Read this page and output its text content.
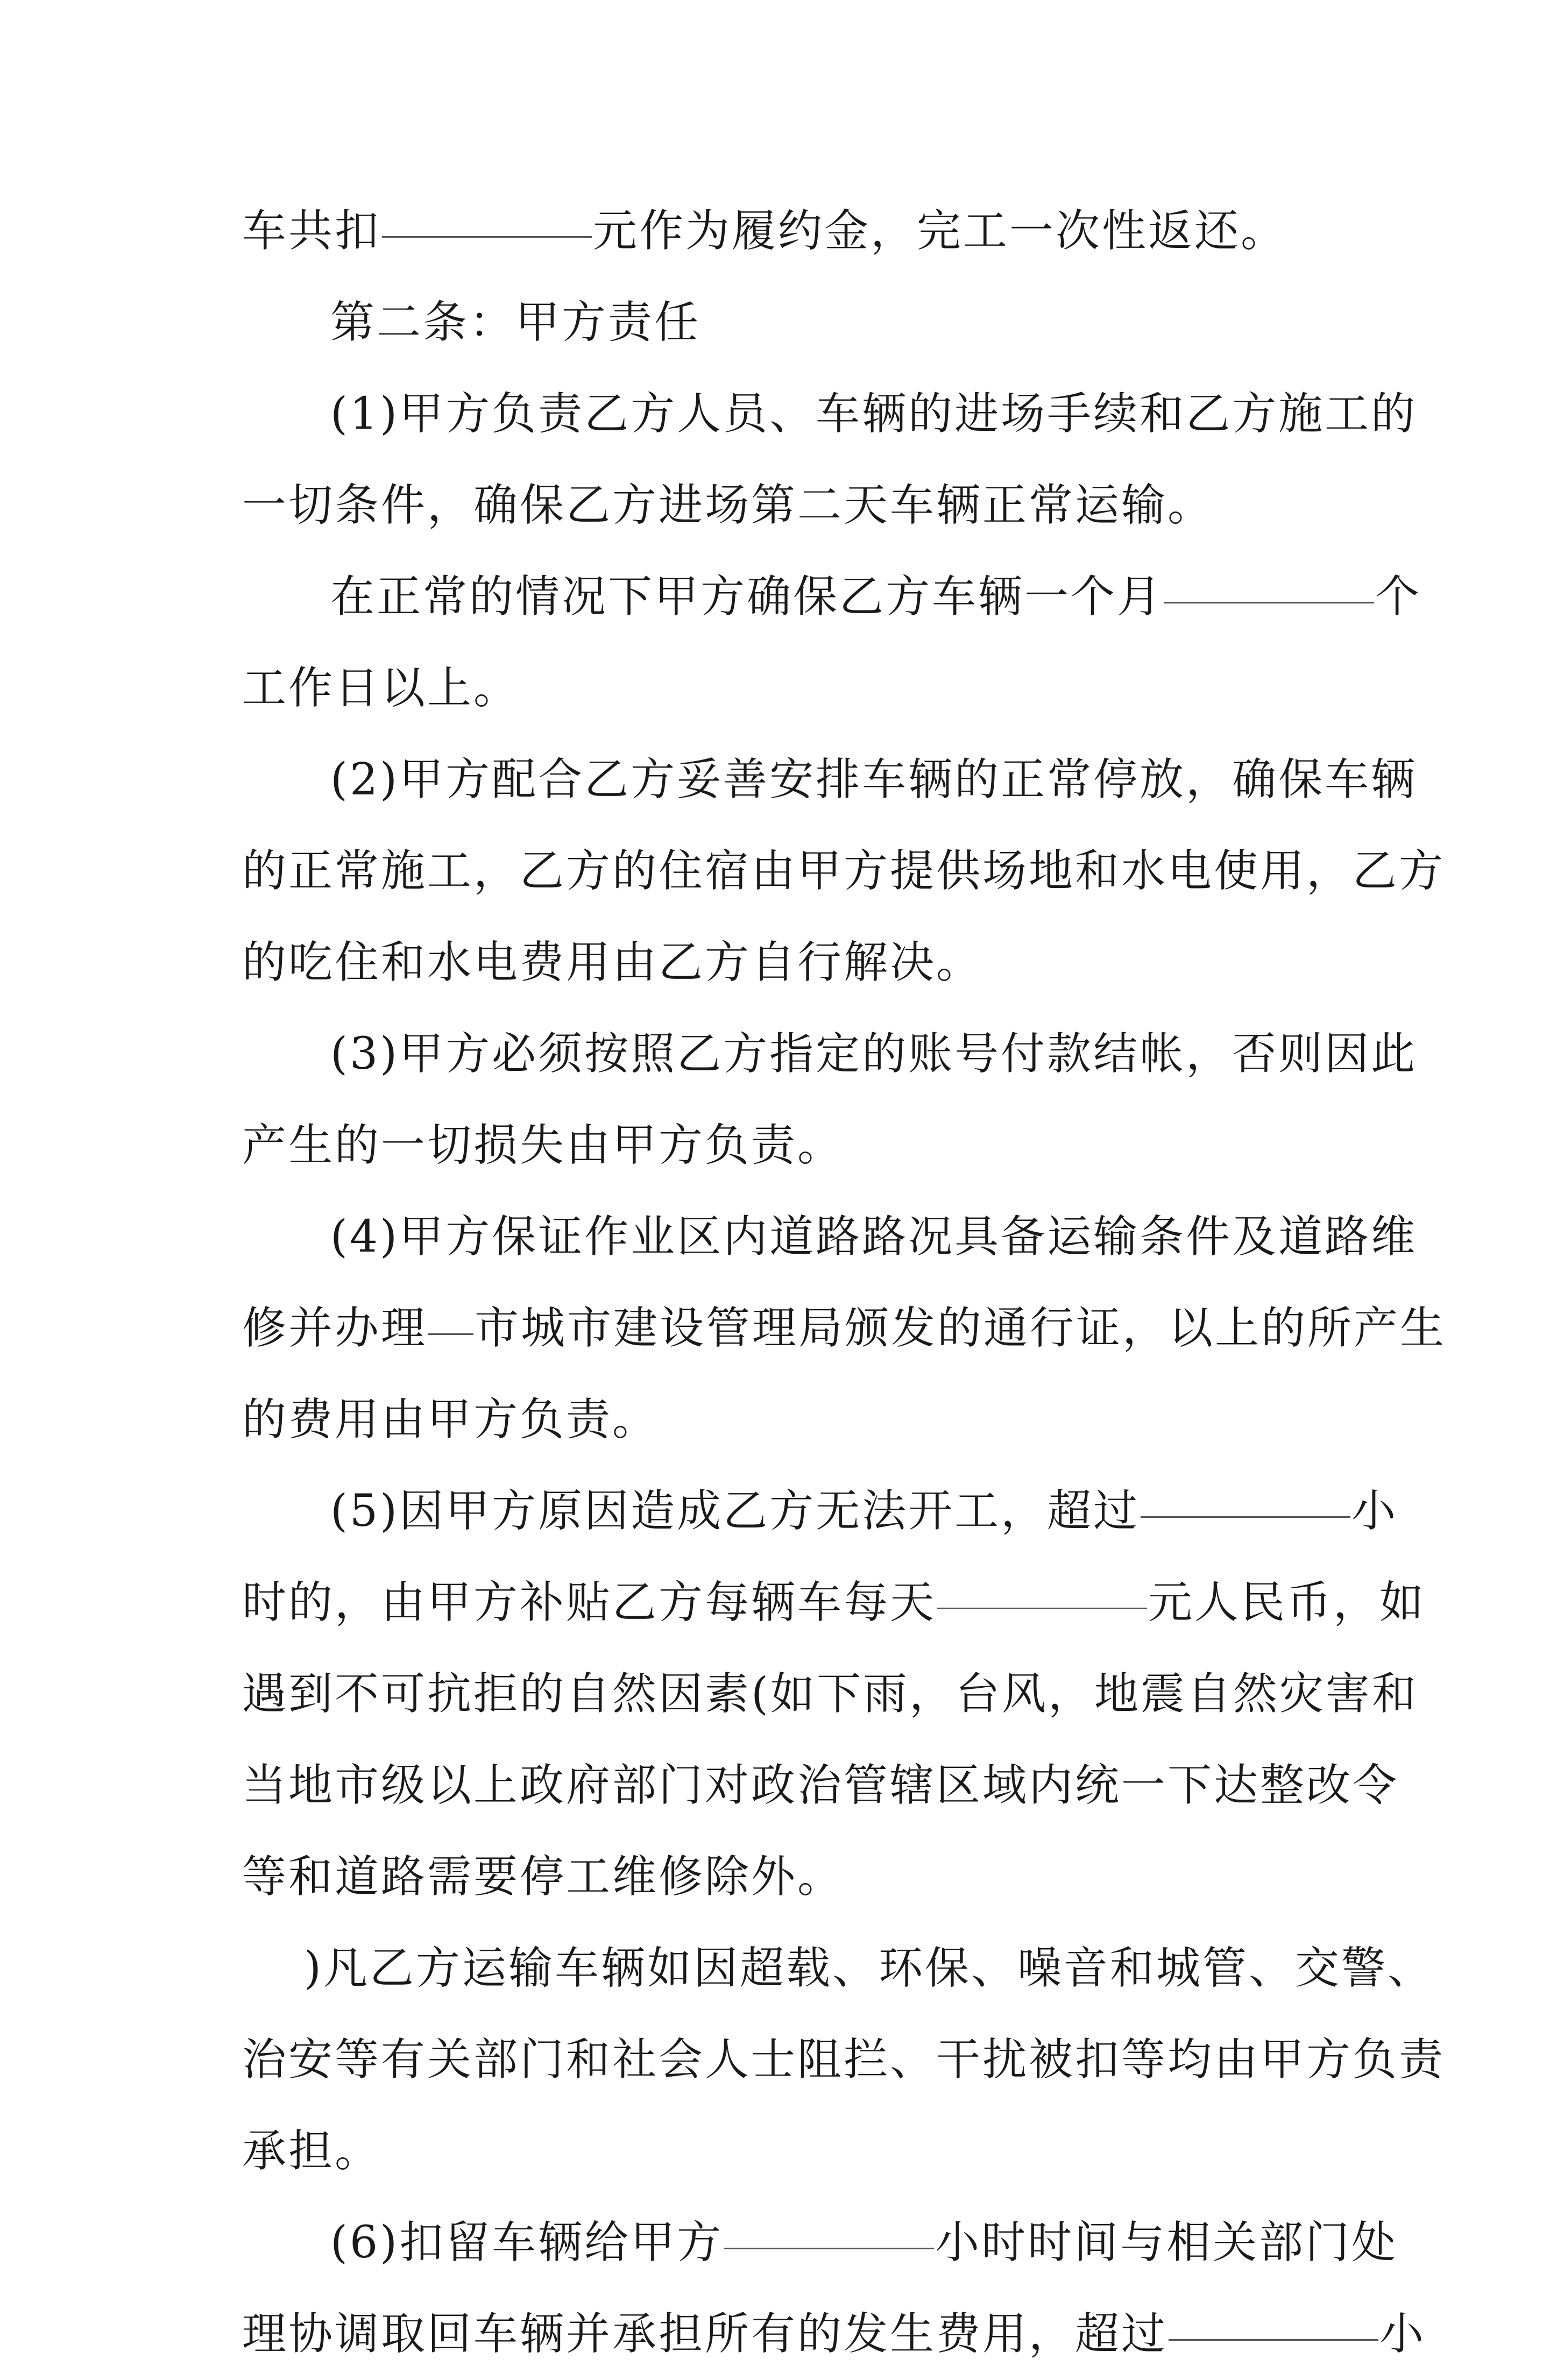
车共扣	元作为履约金，完工一次性返还。
第二条：甲方责任
(1)甲方负责乙方人员、车辆的进场手续和乙方施工的
一切条件，确保乙方进场第二天车辆正常运输。
在正常的情况下甲方确保乙方车辆一个月	个
工作日以上。
(2)甲方配合乙方妥善安排车辆的正常停放，确保车辆
的正常施工，乙方的住宿由甲方提供场地和水电使用，乙方
的吃住和水电费用由乙方自行解决。
(3)甲方必须按照乙方指定的账号付款结帐，否则因此
产生的一切损失由甲方负责。
(4)甲方保证作业区内道路路况具备运输条件及道路维
修并办理 市城市建设管理局颁发的通行证，以上的所产生
的费用由甲方负责。
(5)因甲方原因造成乙方无法开工，超过	小
时的，由甲方补贴乙方每辆车每天	元人民币，如
遇到不可抗拒的自然因素(如下雨，台风，地震自然灾害和
当地市级以上政府部门对政治管辖区域内统一下达整改令
等和道路需要停工维修除外。
)凡乙方运输车辆如因超载、环保、噪音和城管、交警、
治安等有关部门和社会人士阻拦、干扰被扣等均由甲方负责
承担。
(6)扣留车辆给甲方	小时时间与相关部门处
理协调取回车辆并承担所有的发生费用，超过	小
